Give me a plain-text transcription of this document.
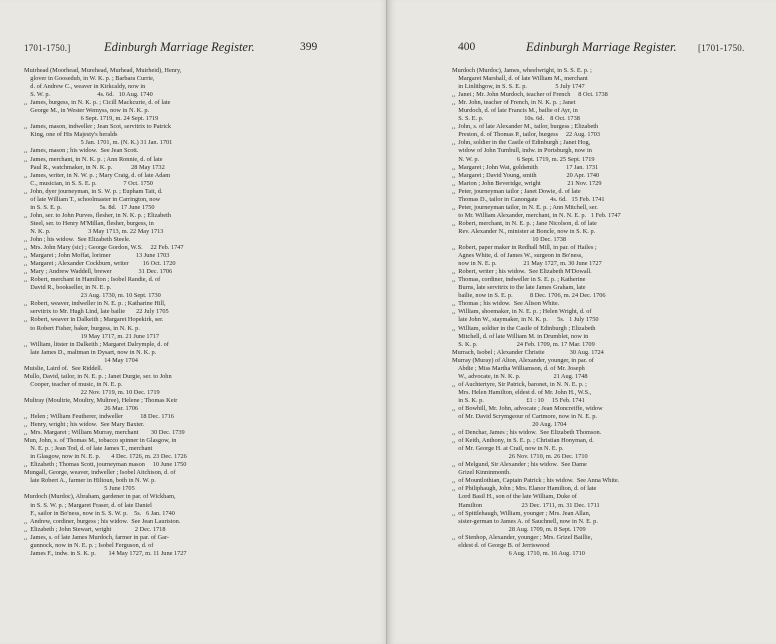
1701-1750.]	Edinburgh Marriage Register.	399
Muirhead (Moorhead, Murehead, Murhead, Muirheid), Henry,
glover in Goosedub, in W. K. p. ; Barbara Currie,
d. of Andrew C., weaver in Kirkcaldy, now in
S. W. p.                              4s. 6d.   10 Aug. 1740
,,  James, burgess, in N. K. p. ; Cicill Mackcurie, d. of late
George M., in Wester Wemyss, now in N. K. p.
6 Sept. 1719, m. 24 Sept. 1719
,,  James, mason, indweller ; Jean Scot, servitrix to Patrick
King, one of His Majesty's heralds
5 Jan. 1701, m. (N. K.) 31 Jan. 1701
,,  James, mason ; his widow.  See Jean Scott.
,,  James, merchant, in N. K. p. ; Ann Ronnie, d. of late
Paul R., watchmaker, in N. K. p.            28 May 1732
,,  James, writer, in N. W. p. ; Mary Craig, d. of late Adam
C., musician, in S. S. E. p.                 7 Oct. 1750
,,  John, dyer journeyman, in S. W. p. ; Eupham Tait, d.
of late William T., schoolmaster in Carrington, now
in S. S. E. p.                        5s. 8d.   17 June 1750
,,  John, ser. to John Purves, flesher, in N. K. p. ; Elizabeth
Steel, ser. to Henry M'Millan, flesher, burgess, in
N. K. p.                        3 May 1713, m. 22 May 1713
,,  John ; his widow.  See Elizabeth Steele.
,,  Mrs. John Mary (sic) ; George Gordon, W.S.     22 Feb. 1747
,,  Margaret ; John Moffat, lorimer                13 June 1703
,,  Margaret ; Alexander Cockburn, writer         16 Oct. 1720
,,  Mary ; Andrew Waddell, brewer                 31 Dec. 1706
,,  Robert, merchant in Hamilton ; Isobel Randie, d. of
David R., bookseller, in N. E. p.
23 Aug. 1730, m. 10 Sept. 1730
,,  Robert, weaver, indweller in N. E. p. ; Katharine Hill,
servitrix to Mr. Hugh Lind, late bailie       22 July 1705
,,  Robert, weaver in Dalkeith ; Margaret Hopekirk, ser.
to Robert Fisher, baker, burgess, in N. K. p.
19 May 1717, m. 21 June 1717
,,  William, litster in Dalkeith ; Margaret Dalrymple, d. of
late James D., maltman in Dysart, now in N. K. p.
14 May 1704
Muislie, Laird of.  See Riddell.
Mullo, David, tailor, in N. E. p. ; Janet Durgie, ser. to John
Cooper, teacher of music, in N. E. p.
22 Nov. 1719, m. 10 Dec. 1719
Multray (Moultrie, Moultry, Multree), Helene ; Thomas Keir
26 Mar. 1706
,,  Helen ; William Feutherer, indweller           18 Dec. 1716
,,  Henry, wright ; his widow.  See Mary Baxter.
,,  Mrs. Margaret ; William Murray, merchant        30 Dec. 1739
Mun, John, s. of Thomas M., tobacco spinner in Glasgow, in
N. E. p. ; Jean Tod, d. of late James T., merchant
in Glasgow, now in N. E. p.       4 Dec. 1726, m. 23 Dec. 1726
,,  Elizabeth ; Thomas Scott, journeyman mason     10 June 1750
Mungall, George, weaver, indweller ; Isobel Aitchison, d. of
late Robert A., farmer in Hiltoun, both in N. W. p.
5 June 1705
Murdoch (Murdoc), Abraham, gardener in par. of Wickham,
in S. S. W. p. ; Margaret Fraser, d. of late Daniel
F., sailor in Bo'ness, now in S. S. W. p.    5s.   6 Jan. 1740
,,  Andrew, cordiner, burgess ; his widow.  See Jean Lauriston.
,,  Elizabeth ; John Stewart, wright               2 Dec. 1718
,,  James, s. of late James Murdoch, farmer in par. of Gar-
gunnock, now in N. E. p. ; Isobel Ferguson, d. of
James F., indw. in S. K. p.        14 May 1727, m. 11 June 1727
400	Edinburgh Marriage Register. [1701-1750.
Murdoch (Murdoc), James, wheelwright, in S. S. E. p. ;
Margaret Marshall, d. of late William M., merchant
in Linlithgow, in S. S. E. p.                  5 July 1747
,,  Janet ; Mr. John Murdoch, teacher of French     8 Oct. 1738
,,  Mr. John, teacher of French, in N. K. p. ; Janet
Murdoch, d. of late Francis M., bailie of Ayr, in
S. S. E. p.                          10s. 6d.    8 Oct. 1738
,,  John, s. of late Alexander M., tailor, burgess ; Elizabeth
Preston, d. of Thomas P., tailor, burgess     22 Aug. 1703
,,  John, soldier in the Castle of Edinburgh ; Janet Hog,
widow of John Turnbull, indw. in Portsburgh, now in
N. W. p.                        6 Sept. 1719, m. 25 Sept. 1719
,,  Margaret ; John Wat, goldsmith                  17 Jan. 1731
,,  Margaret ; David Young, smith                   20 Apr. 1740
,,  Marion ; John Beveridge, wright                 21 Nov. 1729
,,  Peter, journeyman tailor ; Janet Dowie, d. of late
Thomas D., tailor in Canongate        4s. 6d.   15 Feb. 1741
,,  Peter, journeyman tailor, in N. E. p. ; Ann Mitchell, ser.
to Mr. William Alexander, merchant, in N. N. E. p.   1 Feb. 1747
,,  Robert, merchant, in N. E. p. ; Jane Nicolson, d. of late
Rev. Alexander N., minister at Boncle, now in S. K. p.
10 Dec. 1738
,,  Robert, paper maker in Redhall Mill, in par. of Hailes ;
Agnes White, d. of James W., surgeon in Bo'ness,
now in N. E. p.                 21 May 1727, m. 30 June 1727
,,  Robert, writer ; his widow.  See Elizabeth M'Dowall.
,,  Thomas, cordiner, indweller in S. E. p. ; Katherine
Burns, late servitrix to the late James Graham, late
bailie, now in S. E. p.           8 Dec. 1706, m. 24 Dec. 1706
,,  Thomas ; his widow.  See Alison White.
,,  William, shoemaker, in N. E. p. ; Helen Wright, d. of
late John W., staymaker, in N. K. p.      5s.   1 July 1750
,,  William, soldier in the Castle of Edinburgh ; Elizabeth
Mitchell, d. of late William M. in Drumblet, now in
S. K. p.                         24 Feb. 1709, m. 17 Mar. 1709
Murrach, Isobel ; Alexander Christie                30 Aug. 1724
Murray (Muray) of Alton, Alexander, younger, in par. of
Abdie ; Miss Martha Williamson, d. of Mr. Joseph
W., advocate, in N. K. p.                     21 Aug. 1748
,,  of Auchtertyre, Sir Patrick, baronet, in N. N. E. p. ;
Mrs. Helen Hamilton, eldest d. of Mr. John H., W.S.,
in S. K. p.                           £1 : 10     15 Feb. 1741
,,  of Bowhill, Mr. John, advocate ; Jean Moncreiffe, widow
of Mr. David Scrymgeour of Cartmore, now in N. E. p.
20 Aug. 1704
,,  of Denchar, James ; his widow.  See Elizabeth Thomson.
,,  of Keith, Anthony, in S. E. p. ; Christian Honyman, d.
of Mr. George H. at Crail, now in N. E. p.
26 Nov. 1710, m. 26 Dec. 1710
,,  of Melgund, Sir Alexander ; his widow.  See Dame
Grizel Kinninmonth.
,,  of Mountlothian, Captain Patrick ; his widow.  See Anna White.
,,  of Philiphaugh, John ; Mrs. Elanor Hamilton, d. of late
Lord Basil H., son of the late William, Duke of
Hamilton                         23 Dec. 1711, m. 31 Dec. 1711
,,  of Spittlehaugh, William, younger ; Mrs. Jean Allan,
sister-german to James A. of Sauchnell, now in N. E. p.
28 Aug. 1709, m. 8 Sept. 1709
,,  of Stenhop, Alexander, younger ; Mrs. Grizel Baillie,
eldest d. of George B. of Jerriswood
6 Aug. 1710, m. 16 Aug. 1710
